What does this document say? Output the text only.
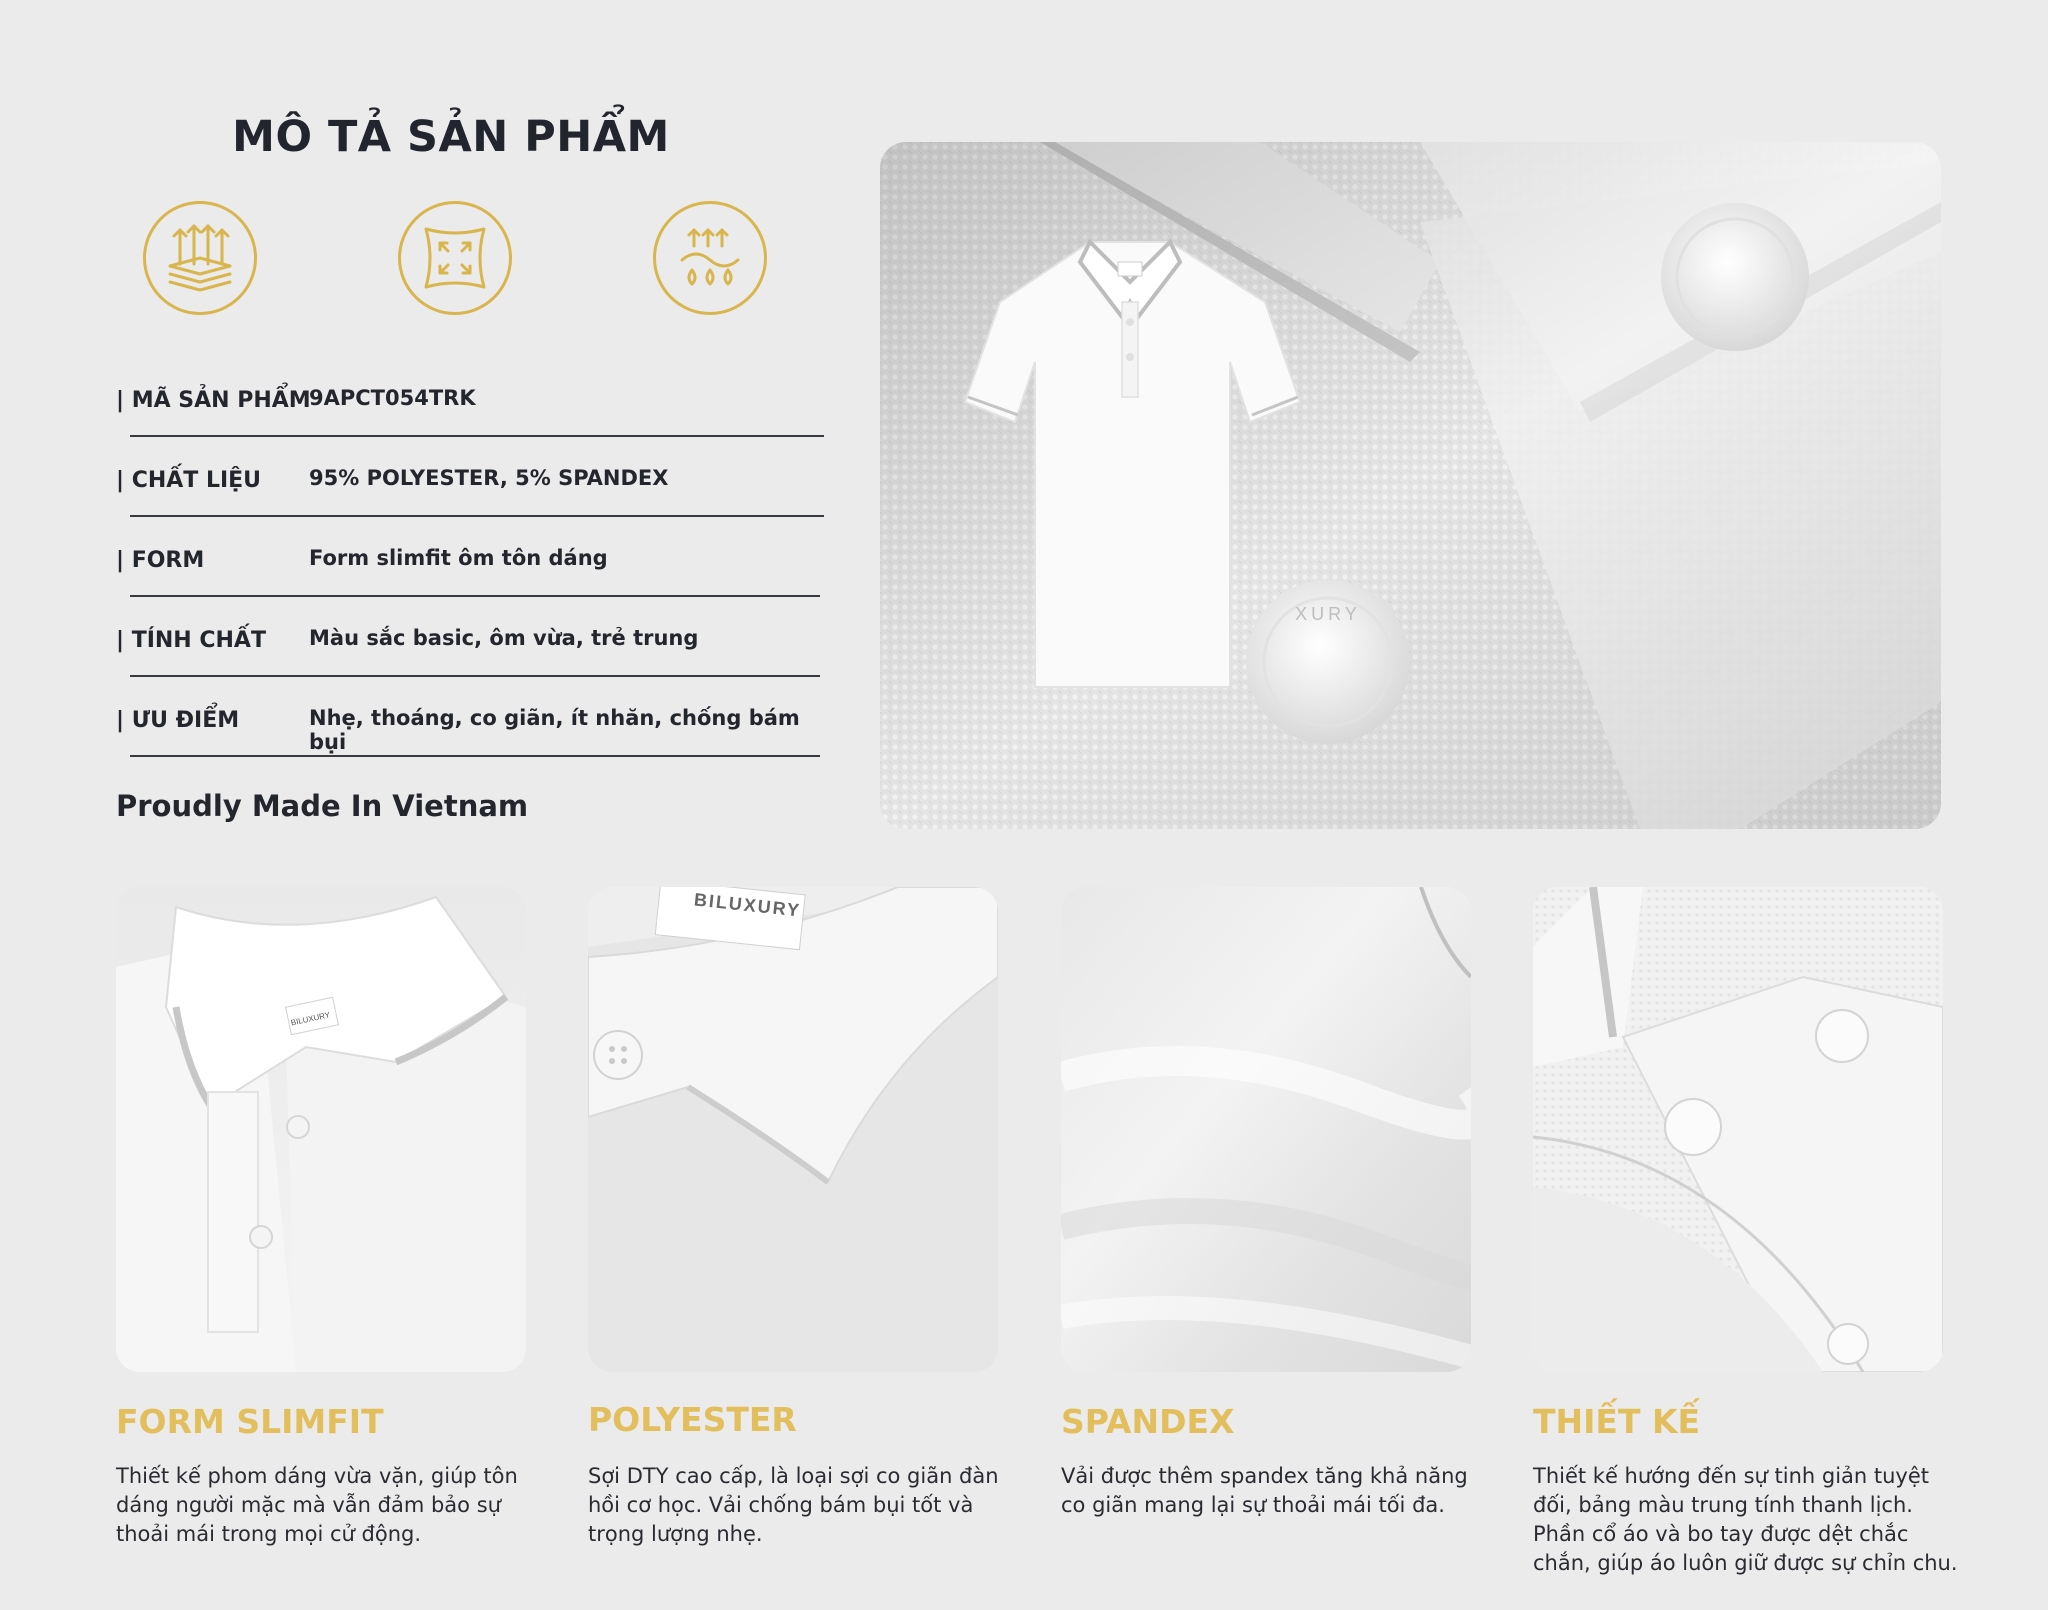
MÔ TẢ SẢN PHẨM
| MÃ SẢN PHẨM
9APCT054TRK
| CHẤT LIỆU 95% POLYESTER, 5% SPANDEX
| FORM	Form slimfit ôm tôn dáng
| TÍNH CHẤT Màu sắc basic, ôm vừa, trẻ trung
| ƯU ĐIỂM	Nhẹ, thoáng, co giãn, ít nhăn, chống bám bụi
Proudly Made In Vietnam
XURY
BILUXURY
BILUXURY
FORM SLIMFIT
Thiết kế phom dáng vừa vặn, giúp tôn
dáng người mặc mà vẫn đảm bảo sự
thoải mái trong mọi cử động.
POLYESTER
Sợi DTY cao cấp, là loại sợi co giãn đàn
hồi cơ học. Vải chống bám bụi tốt và
trọng lượng nhẹ.
SPANDEX
Vải được thêm spandex tăng khả năng
co giãn mang lại sự thoải mái tối đa.
THIẾT KẾ
Thiết kế hướng đến sự tinh giản tuyệt
đối, bảng màu trung tính thanh lịch.
Phần cổ áo và bo tay được dệt chắc
chắn, giúp áo luôn giữ được sự chỉn chu.
